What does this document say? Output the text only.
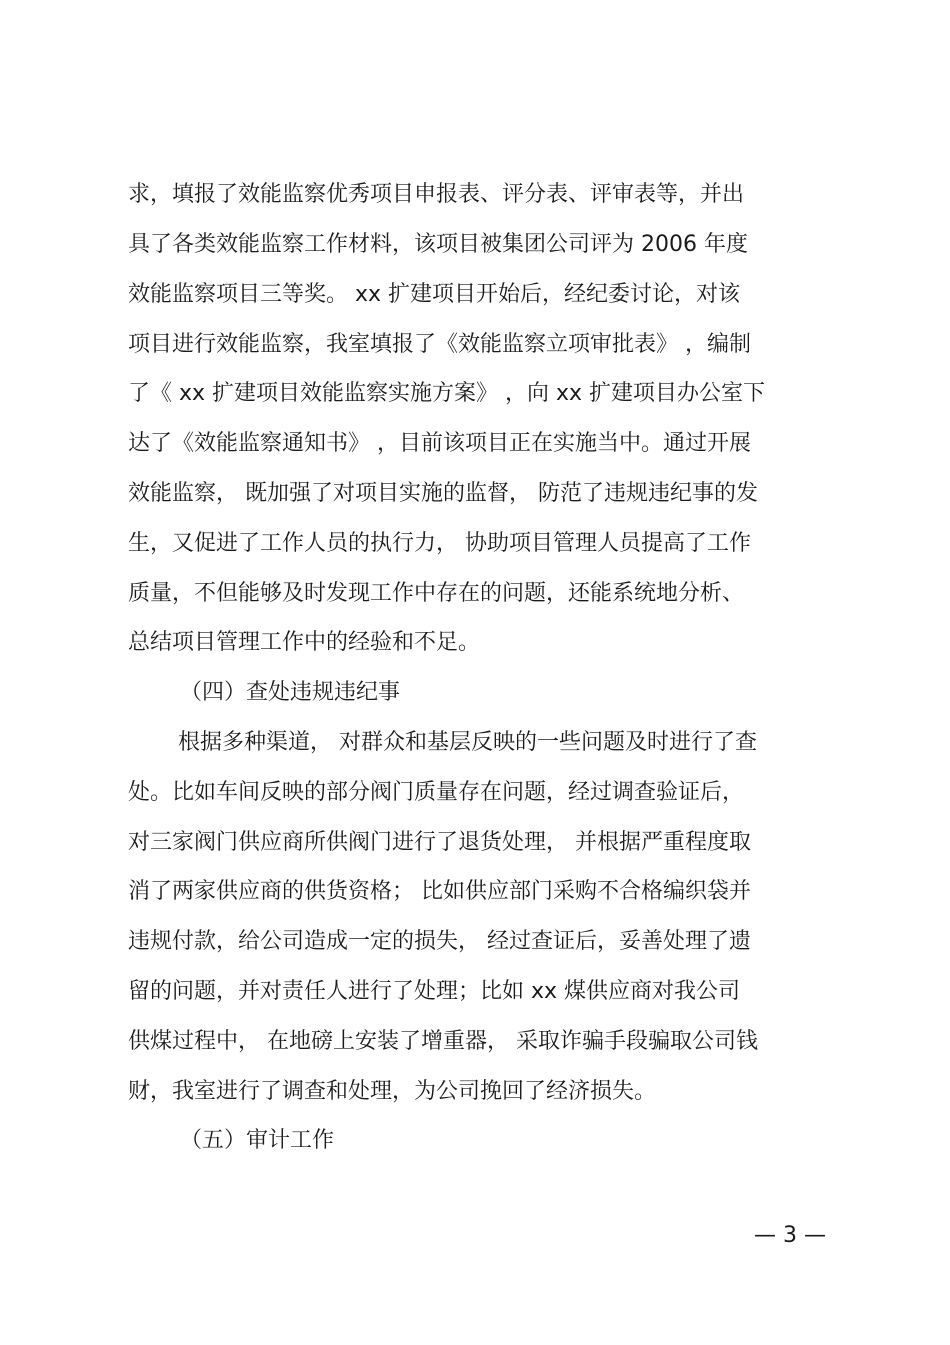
求，填报了效能监察优秀项目申报表、评分表、评审表等，并出
具了各类效能监察工作材料，该项目被集团公司评为 2006 年度
效能监察项目三等奖。 xx 扩建项目开始后，经纪委讨论，对该
项目进行效能监察，我室填报了《效能监察立项审批表》 ，编制
了《 xx 扩建项目效能监察实施方案》 ，向 xx 扩建项目办公室下
达了《效能监察通知书》 ，目前该项目正在实施当中。通过开展
效能监察， 既加强了对项目实施的监督， 防范了违规违纪事的发
生，又促进了工作人员的执行力， 协助项目管理人员提高了工作
质量，不但能够及时发现工作中存在的问题，还能系统地分析、
总结项目管理工作中的经验和不足。
（四）查处违规违纪事
根据多种渠道， 对群众和基层反映的一些问题及时进行了查
处。比如车间反映的部分阀门质量存在问题，经过调查验证后，
对三家阀门供应商所供阀门进行了退货处理， 并根据严重程度取
消了两家供应商的供货资格； 比如供应部门采购不合格编织袋并
违规付款，给公司造成一定的损失， 经过查证后，妥善处理了遗
留的问题，并对责任人进行了处理；比如 xx 煤供应商对我公司
供煤过程中， 在地磅上安装了增重器， 采取诈骗手段骗取公司钱
财，我室进行了调查和处理，为公司挽回了经济损失。
（五）审计工作
— 3 —
